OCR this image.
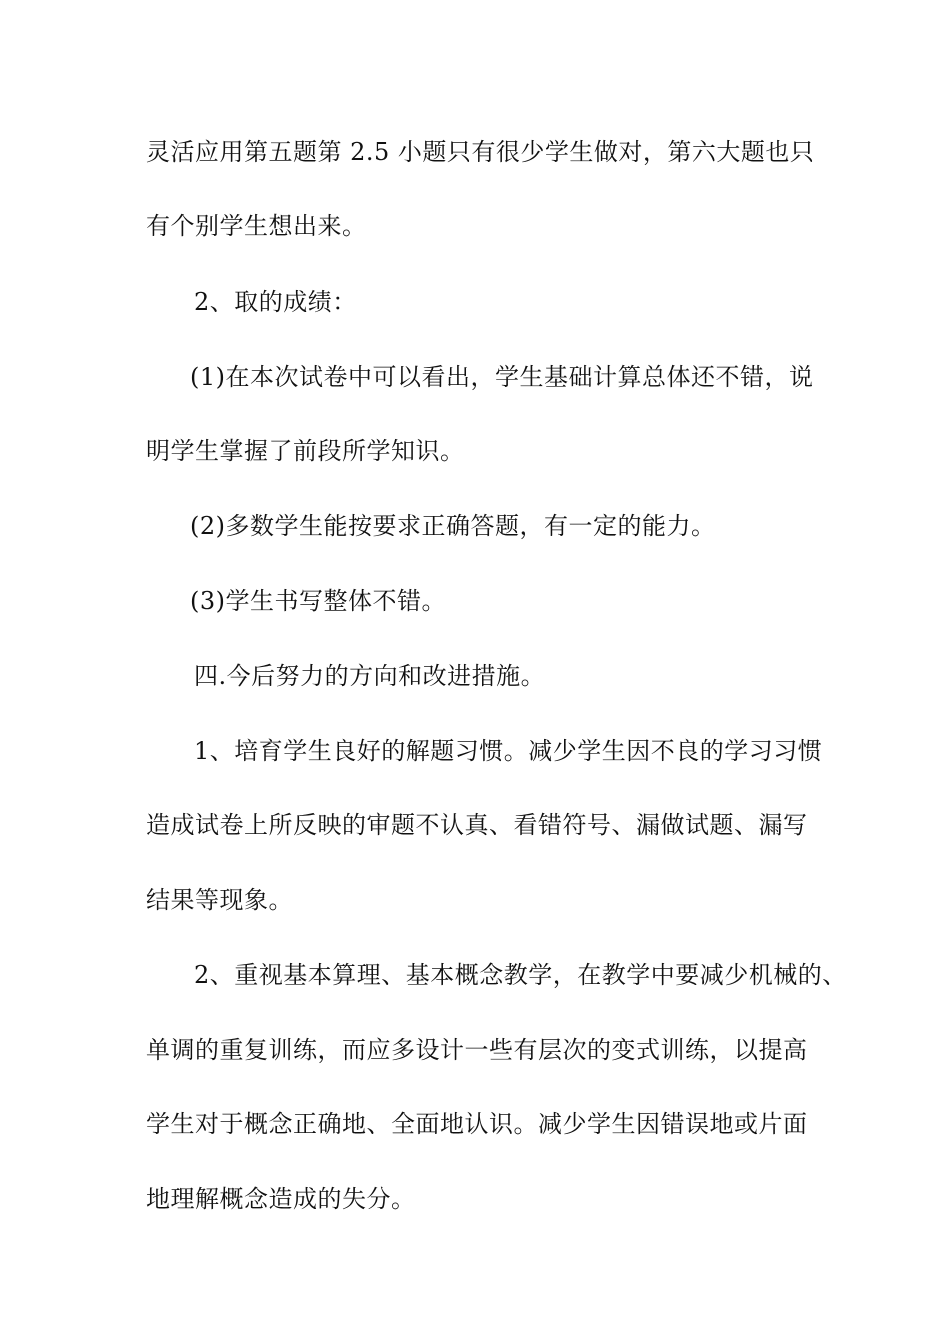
灵活应用第五题第 2.5 小题只有很少学生做对，第六大题也只
有个别学生想出来。
2、取的成绩：
(1)在本次试卷中可以看出，学生基础计算总体还不错，说
明学生掌握了前段所学知识。
(2)多数学生能按要求正确答题，有一定的能力。
(3)学生书写整体不错。
四.今后努力的方向和改进措施。
1、培育学生良好的解题习惯。减少学生因不良的学习习惯
造成试卷上所反映的审题不认真、看错符号、漏做试题、漏写
结果等现象。
2、重视基本算理、基本概念教学，在教学中要减少机械的、
单调的重复训练，而应多设计一些有层次的变式训练，以提高
学生对于概念正确地、全面地认识。减少学生因错误地或片面
地理解概念造成的失分。
